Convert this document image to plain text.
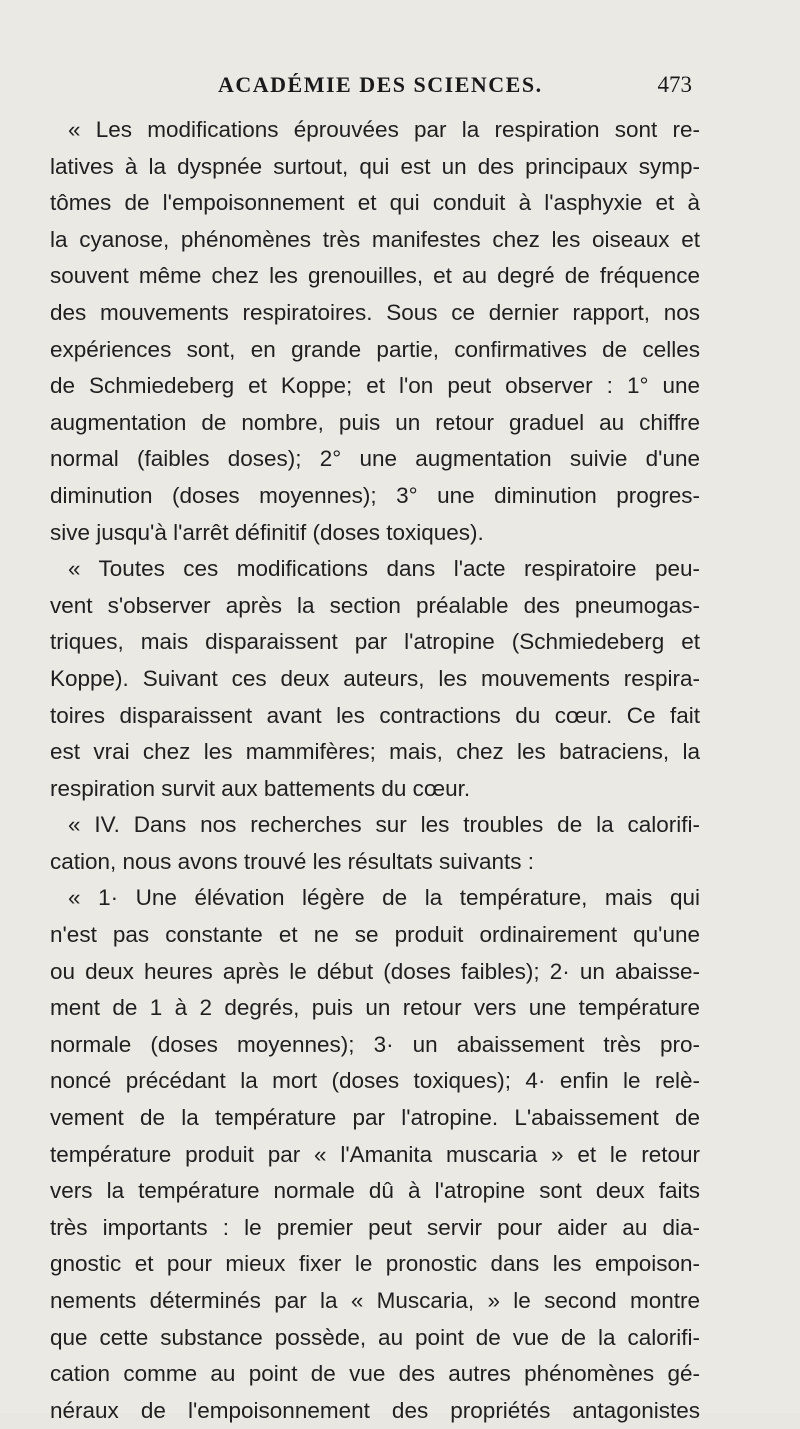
ACADÉMIE DES SCIENCES.	473
« Les modifications éprouvées par la respiration sont re-
latives à la dyspnée surtout, qui est un des principaux symp-
tômes de l'empoisonnement et qui conduit à l'asphyxie et à
la cyanose, phénomènes très manifestes chez les oiseaux et
souvent même chez les grenouilles, et au degré de fréquence
des mouvements respiratoires. Sous ce dernier rapport, nos
expériences sont, en grande partie, confirmatives de celles
de Schmiedeberg et Koppe; et l'on peut observer : 1° une
augmentation de nombre, puis un retour graduel au chiffre
normal (faibles doses); 2° une augmentation suivie d'une
diminution (doses moyennes); 3° une diminution progres-
sive jusqu'à l'arrêt définitif (doses toxiques).
« Toutes ces modifications dans l'acte respiratoire peu-
vent s'observer après la section préalable des pneumogas-
triques, mais disparaissent par l'atropine (Schmiedeberg et
Koppe). Suivant ces deux auteurs, les mouvements respira-
toires disparaissent avant les contractions du cœur. Ce fait
est vrai chez les mammifères; mais, chez les batraciens, la
respiration survit aux battements du cœur.
« IV. Dans nos recherches sur les troubles de la calorifi-
cation, nous avons trouvé les résultats suivants :
« 1· Une élévation légère de la température, mais qui
n'est pas constante et ne se produit ordinairement qu'une
ou deux heures après le début (doses faibles); 2· un abaisse-
ment de 1 à 2 degrés, puis un retour vers une température
normale (doses moyennes); 3· un abaissement très pro-
noncé précédant la mort (doses toxiques); 4· enfin le relè-
vement de la température par l'atropine. L'abaissement de
température produit par « l'Amanita muscaria » et le retour
vers la température normale dû à l'atropine sont deux faits
très importants : le premier peut servir pour aider au dia-
gnostic et pour mieux fixer le pronostic dans les empoison-
nements déterminés par la « Muscaria, » le second montre
que cette substance possède, au point de vue de la calorifi-
cation comme au point de vue des autres phénomènes gé-
néraux de l'empoisonnement des propriétés antagonistes
